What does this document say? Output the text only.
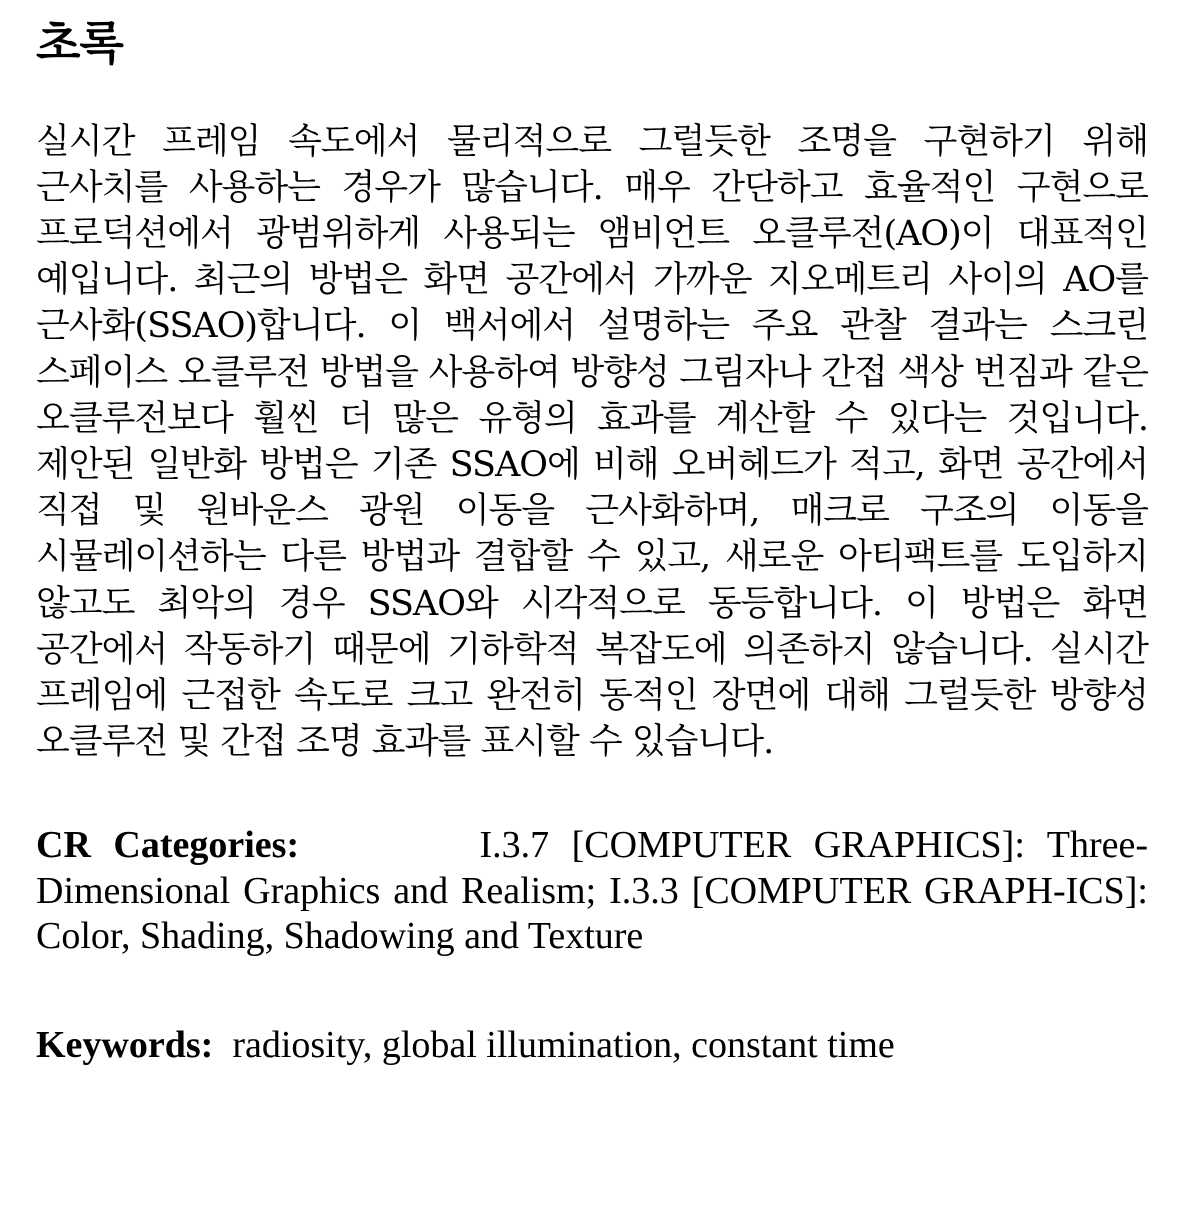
초록

실시간 프레임 속도에서 물리적으로 그럴듯한 조명을 구현하기 위해 근사치를 사용하는 경우가 많습니다. 매우 간단하고 효율적인 구현으로 프로덕션에서 광범위하게 사용되는 앰비언트 오클루전(AO)이 대표적인 예입니다. 최근의 방법은 화면 공간에서 가까운 지오메트리 사이의 AO를 근사화(SSAO)합니다. 이 백서에서 설명하는 주요 관찰 결과는 스크린 스페이스 오클루전 방법을 사용하여 방향성 그림자나 간접 색상 번짐과 같은 오클루전보다 훨씬 더 많은 유형의 효과를 계산할 수 있다는 것입니다. 제안된 일반화 방법은 기존 SSAO에 비해 오버헤드가 적고, 화면 공간에서 직접 및 원바운스 광원 이동을 근사화하며, 매크로 구조의 이동을 시뮬레이션하는 다른 방법과 결합할 수 있고, 새로운 아티팩트를 도입하지 않고도 최악의 경우 SSAO와 시각적으로 동등합니다. 이 방법은 화면 공간에서 작동하기 때문에 기하학적 복잡도에 의존하지 않습니다. 실시간 프레임에 근접한 속도로 크고 완전히 동적인 장면에 대해 그럴듯한 방향성 오클루전 및 간접 조명 효과를 표시할 수 있습니다.

CR Categories:	I.3.7 [COMPUTER GRAPHICS]: Three-Dimensional Graphics and Realism; I.3.3 [COMPUTER GRAPH-ICS]: Color, Shading, Shadowing and Texture

Keywords: radiosity, global illumination, constant time
